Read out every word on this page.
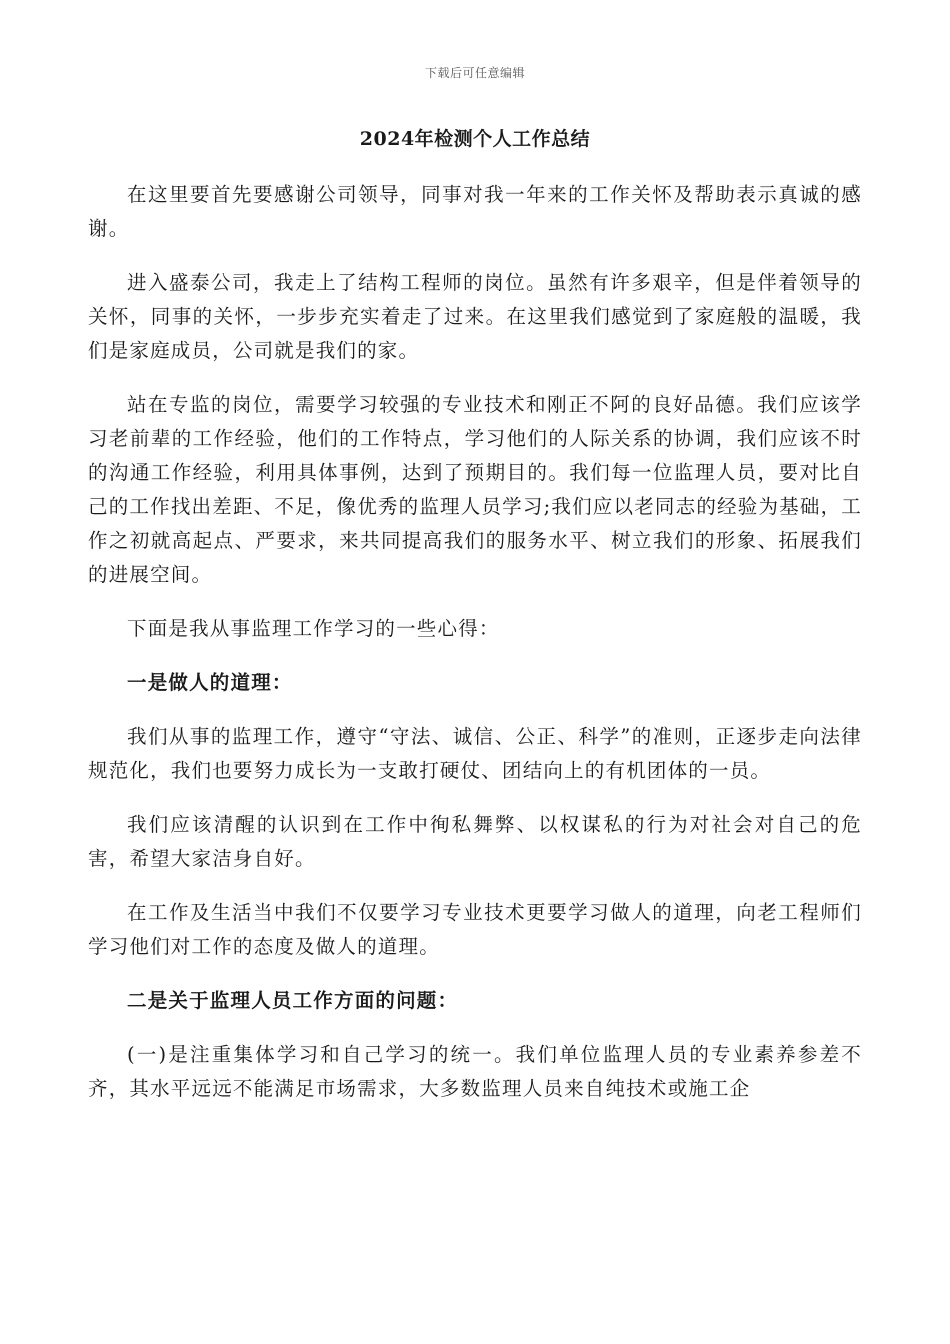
下载后可任意编辑
2024年检测个人工作总结

在这里要首先要感谢公司领导，同事对我一年来的工作关怀及帮助表示真诚的感谢。

进入盛泰公司，我走上了结构工程师的岗位。虽然有许多艰辛，但是伴着领导的关怀，同事的关怀，一步步充实着走了过来。在这里我们感觉到了家庭般的温暖，我们是家庭成员，公司就是我们的家。

站在专监的岗位，需要学习较强的专业技术和刚正不阿的良好品德。我们应该学习老前辈的工作经验，他们的工作特点，学习他们的人际关系的协调，我们应该不时的沟通工作经验，利用具体事例，达到了预期目的。我们每一位监理人员，要对比自己的工作找出差距、不足，像优秀的监理人员学习;我们应以老同志的经验为基础，工作之初就高起点、严要求，来共同提高我们的服务水平、树立我们的形象、拓展我们的进展空间。

下面是我从事监理工作学习的一些心得：

一是做人的道理：

我们从事的监理工作，遵守“守法、诚信、公正、科学”的准则，正逐步走向法律规范化，我们也要努力成长为一支敢打硬仗、团结向上的有机团体的一员。

我们应该清醒的认识到在工作中徇私舞弊、以权谋私的行为对社会对自己的危害，希望大家洁身自好。

在工作及生活当中我们不仅要学习专业技术更要学习做人的道理，向老工程师们学习他们对工作的态度及做人的道理。

二是关于监理人员工作方面的问题：

(一)是注重集体学习和自己学习的统一。我们单位监理人员的专业素养参差不齐，其水平远远不能满足市场需求，大多数监理人员来自纯技术或施工企
